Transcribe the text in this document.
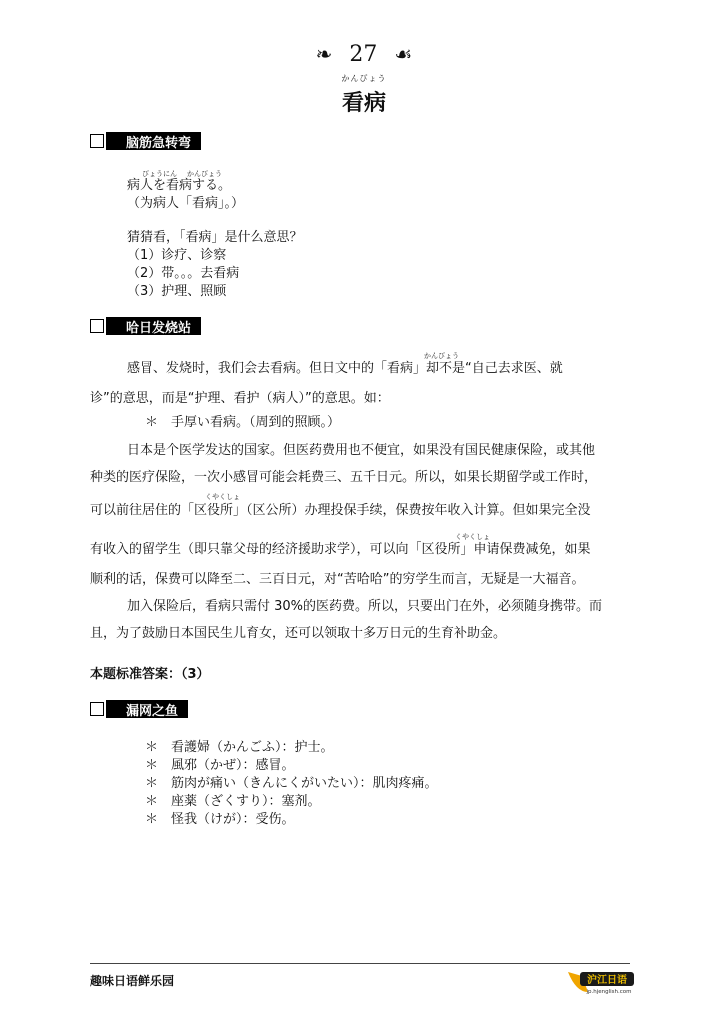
❧ 27 ☙
かんびょう
看病
脑筋急转弯
びょうにん かんびょう
病人を看病する。
（为病人「看病」。）
猜猜看，「看病」是什么意思？
（1）诊疗、诊察
（2）带。。。去看病
（3）护理、照顾
哈日发烧站
かんびょう
感冒、发烧时，我们会去看病。但日文中的「看病」却不是“自己去求医、就
诊”的意思，而是“护理、看护（病人）”的意思。如：
＊　手厚い看病。（周到的照顾。）
日本是个医学发达的国家。但医药费用也不便宜，如果没有国民健康保险，或其他
种类的医疗保险，一次小感冒可能会耗费三、五千日元。所以，如果长期留学或工作时，
くやくしょ
可以前往居住的「区役所」（区公所）办理投保手续，保费按年收入计算。但如果完全没
くやくしょ
有收入的留学生（即只靠父母的经济援助求学），可以向「区役所」申请保费减免，如果
顺利的话，保费可以降至二、三百日元，对“苦哈哈”的穷学生而言，无疑是一大福音。
加入保险后，看病只需付 30%的医药费。所以，只要出门在外，必须随身携带。而
且，为了鼓励日本国民生儿育女，还可以领取十多万日元的生育补助金。
本题标准答案：（3）
漏网之鱼
＊　看護婦（かんごふ）：护士。
＊　風邪（かぜ）：感冒。
＊　筋肉が痛い（きんにくがいたい）：肌肉疼痛。
＊　座薬（ざくすり）：塞剂。
＊　怪我（けが）：受伤。
趣味日语鲜乐园	沪江日语
jp.hjenglish.com
